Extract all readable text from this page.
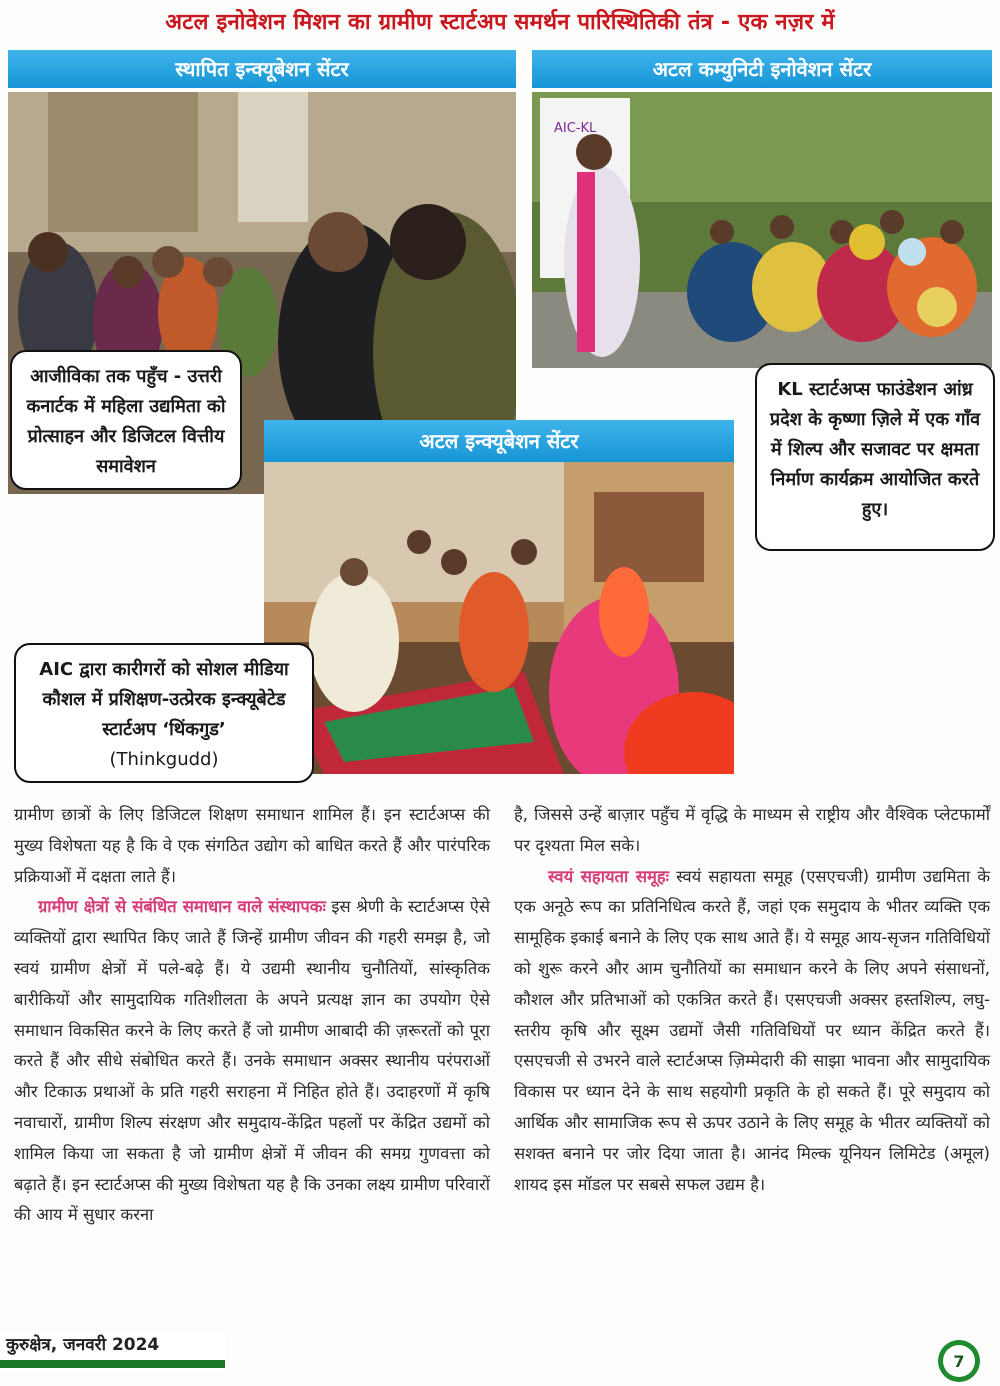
अटल इनोवेशन मिशन का ग्रामीण स्टार्टअप समर्थन पारिस्थितिकी तंत्र - एक नज़र में
स्थापित इन्क्यूबेशन सेंटर	अटल कम्युनिटी इनोवेशन सेंटर
AIC-KL
अटल इन्क्यूबेशन सेंटर
आजीविका तक पहुँच - उत्तरी कनार्टक में महिला उद्यमिता को प्रोत्साहन और डिजिटल वित्तीय समावेशन
KL स्टार्टअप्स फाउंडेशन आंध्र प्रदेश के कृष्णा ज़िले में एक गाँव में शिल्प और सजावट पर क्षमता निर्माण कार्यक्रम आयोजित करते हुए।
AIC द्वारा कारीगरों को सोशल मीडिया कौशल में प्रशिक्षण-उत्प्रेरक इन्क्यूबेटेड स्टार्टअप ‘थिंकगुड’
(Thinkgudd)

ग्रामीण छात्रों के लिए डिजिटल शिक्षण समाधान शामिल हैं। इन स्टार्टअप्स की मुख्य विशेषता यह है कि वे एक संगठित उद्योग को बाधित करते हैं और पारंपरिक प्रक्रियाओं में दक्षता लाते हैं।

ग्रामीण क्षेत्रों से संबंधित समाधान वाले संस्थापकः इस श्रेणी के स्टार्टअप्स ऐसे व्यक्तियों द्वारा स्थापित किए जाते हैं जिन्हें ग्रामीण जीवन की गहरी समझ है, जो स्वयं ग्रामीण क्षेत्रों में पले-बढ़े हैं। ये उद्यमी स्थानीय चुनौतियों, सांस्कृतिक बारीकियों और सामुदायिक गतिशीलता के अपने प्रत्यक्ष ज्ञान का उपयोग ऐसे समाधान विकसित करने के लिए करते हैं जो ग्रामीण आबादी की ज़रूरतों को पूरा करते हैं और सीधे संबोधित करते हैं। उनके समाधान अक्सर स्थानीय परंपराओं और टिकाऊ प्रथाओं के प्रति गहरी सराहना में निहित होते हैं। उदाहरणों में कृषि नवाचारों, ग्रामीण शिल्प संरक्षण और समुदाय-केंद्रित पहलों पर केंद्रित उद्यमों को शामिल किया जा सकता है जो ग्रामीण क्षेत्रों में जीवन की समग्र गुणवत्ता को बढ़ाते हैं। इन स्टार्टअप्स की मुख्य विशेषता यह है कि उनका लक्ष्य ग्रामीण परिवारों की आय में सुधार करना

है, जिससे उन्हें बाज़ार पहुँच में वृद्धि के माध्यम से राष्ट्रीय और वैश्विक प्लेटफार्मों पर दृश्यता मिल सके।

स्वयं सहायता समूहः स्वयं सहायता समूह (एसएचजी) ग्रामीण उद्यमिता के एक अनूठे रूप का प्रतिनिधित्व करते हैं, जहां एक समुदाय के भीतर व्यक्ति एक सामूहिक इकाई बनाने के लिए एक साथ आते हैं। ये समूह आय-सृजन गतिविधियों को शुरू करने और आम चुनौतियों का समाधान करने के लिए अपने संसाधनों, कौशल और प्रतिभाओं को एकत्रित करते हैं। एसएचजी अक्सर हस्तशिल्प, लघु-स्तरीय कृषि और सूक्ष्म उद्यमों जैसी गतिविधियों पर ध्यान केंद्रित करते हैं। एसएचजी से उभरने वाले स्टार्टअप्स ज़िम्मेदारी की साझा भावना और सामुदायिक विकास पर ध्यान देने के साथ सहयोगी प्रकृति के हो सकते हैं। पूरे समुदाय को आर्थिक और सामाजिक रूप से ऊपर उठाने के लिए समूह के भीतर व्यक्तियों को सशक्त बनाने पर जोर दिया जाता है। आनंद मिल्क यूनियन लिमिटेड (अमूल) शायद इस मॉडल पर सबसे सफल उद्यम है।

कुरुक्षेत्र, जनवरी 2024
7
